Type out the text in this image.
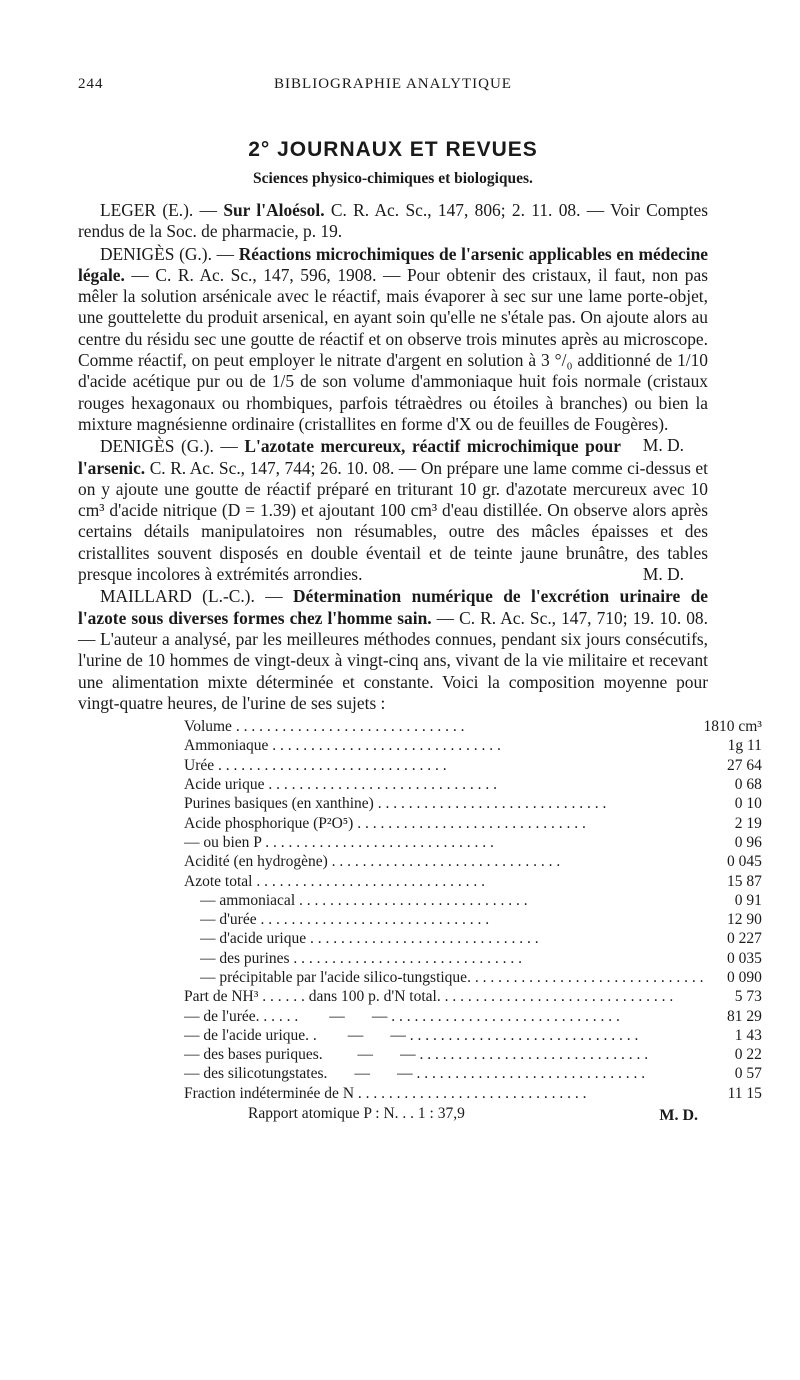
244	BIBLIOGRAPHIE ANALYTIQUE
2° JOURNAUX ET REVUES
Sciences physico-chimiques et biologiques.

LEGER (E.). — Sur l'Aloésol. C. R. Ac. Sc., 147, 806; 2. 11. 08. — Voir Comptes rendus de la Soc. de pharmacie, p. 19.

DENIGÈS (G.). — Réactions microchimiques de l'arsenic applicables en médecine légale. — C. R. Ac. Sc., 147, 596, 1908. — Pour obtenir des cristaux, il faut, non pas mêler la solution arsénicale avec le réactif, mais évaporer à sec sur une lame porte-objet, une gouttelette du produit arsenical, en ayant soin qu'elle ne s'étale pas. On ajoute alors au centre du résidu sec une goutte de réactif et on observe trois minutes après au microscope. Comme réactif, on peut employer le nitrate d'argent en solution à 3 °/₀ additionné de 1/10 d'acide acétique pur ou de 1/5 de son volume d'ammoniaque huit fois normale (cristaux rouges hexagonaux ou rhombiques, parfois tétraèdres ou étoiles à branches) ou bien la mixture magnésienne ordinaire (cristallites en forme d'X ou de feuilles de Fougères).
M. D.

DENIGÈS (G.). — L'azotate mercureux, réactif microchimique pour l'arsenic. C. R. Ac. Sc., 147, 744; 26. 10. 08. — On prépare une lame comme ci-dessus et on y ajoute une goutte de réactif préparé en triturant 10 gr. d'azotate mercureux avec 10 cm³ d'acide nitrique (D = 1.39) et ajoutant 100 cm³ d'eau distillée. On observe alors après certains détails manipulatoires non résumables, outre des mâcles épaisses et des cristallites souvent disposés en double éventail et de teinte jaune brunâtre, des tables presque incolores à extrémités arrondies.	M. D.

MAILLARD (L.-C.). — Détermination numérique de l'excrétion urinaire de l'azote sous diverses formes chez l'homme sain. — C. R. Ac. Sc., 147, 710; 19. 10. 08. — L'auteur a analysé, par les meilleures méthodes connues, pendant six jours consécutifs, l'urine de 10 hommes de vingt-deux à vingt-cinq ans, vivant de la vie militaire et recevant une alimentation mixte déterminée et constante. Voici la composition moyenne pour vingt-quatre heures, de l'urine de ses sujets :

Volume . . .	1810 cm³

Ammoniaque . . .	1g 11

Urée . . .	27 64

Acide urique . . .	0 68

Purines basiques (en xanthine) . . .	0 10

Acide phosphorique (P²O⁵) . . .	2 19

— ou bien P . . .	0 96

Acidité (en hydrogène) . . .	0 045

Azote total . . .	15 87

— ammoniacal . . .	0 91

— d'urée . . .	12 90

— d'acide urique . . .	0 227

— des purines . . .	0 035

— précipitable par l'acide silico-tungstique. . . .	0 090

Part de NH³ . . . . . . dans 100 p. d'N total. . . .	5 73

— de l'urée. . . . . .        —       — . . .	81 29

— de l'acide urique. .        —       — . . .	1 43

— des bases puriques.         —       — . . .	0 22

— des silicotungstates.       —       — . . .	0 57

Fraction indéterminée de N . . .	11 15
Rapport atomique P : N. . . 1 : 37,9	M. D.
